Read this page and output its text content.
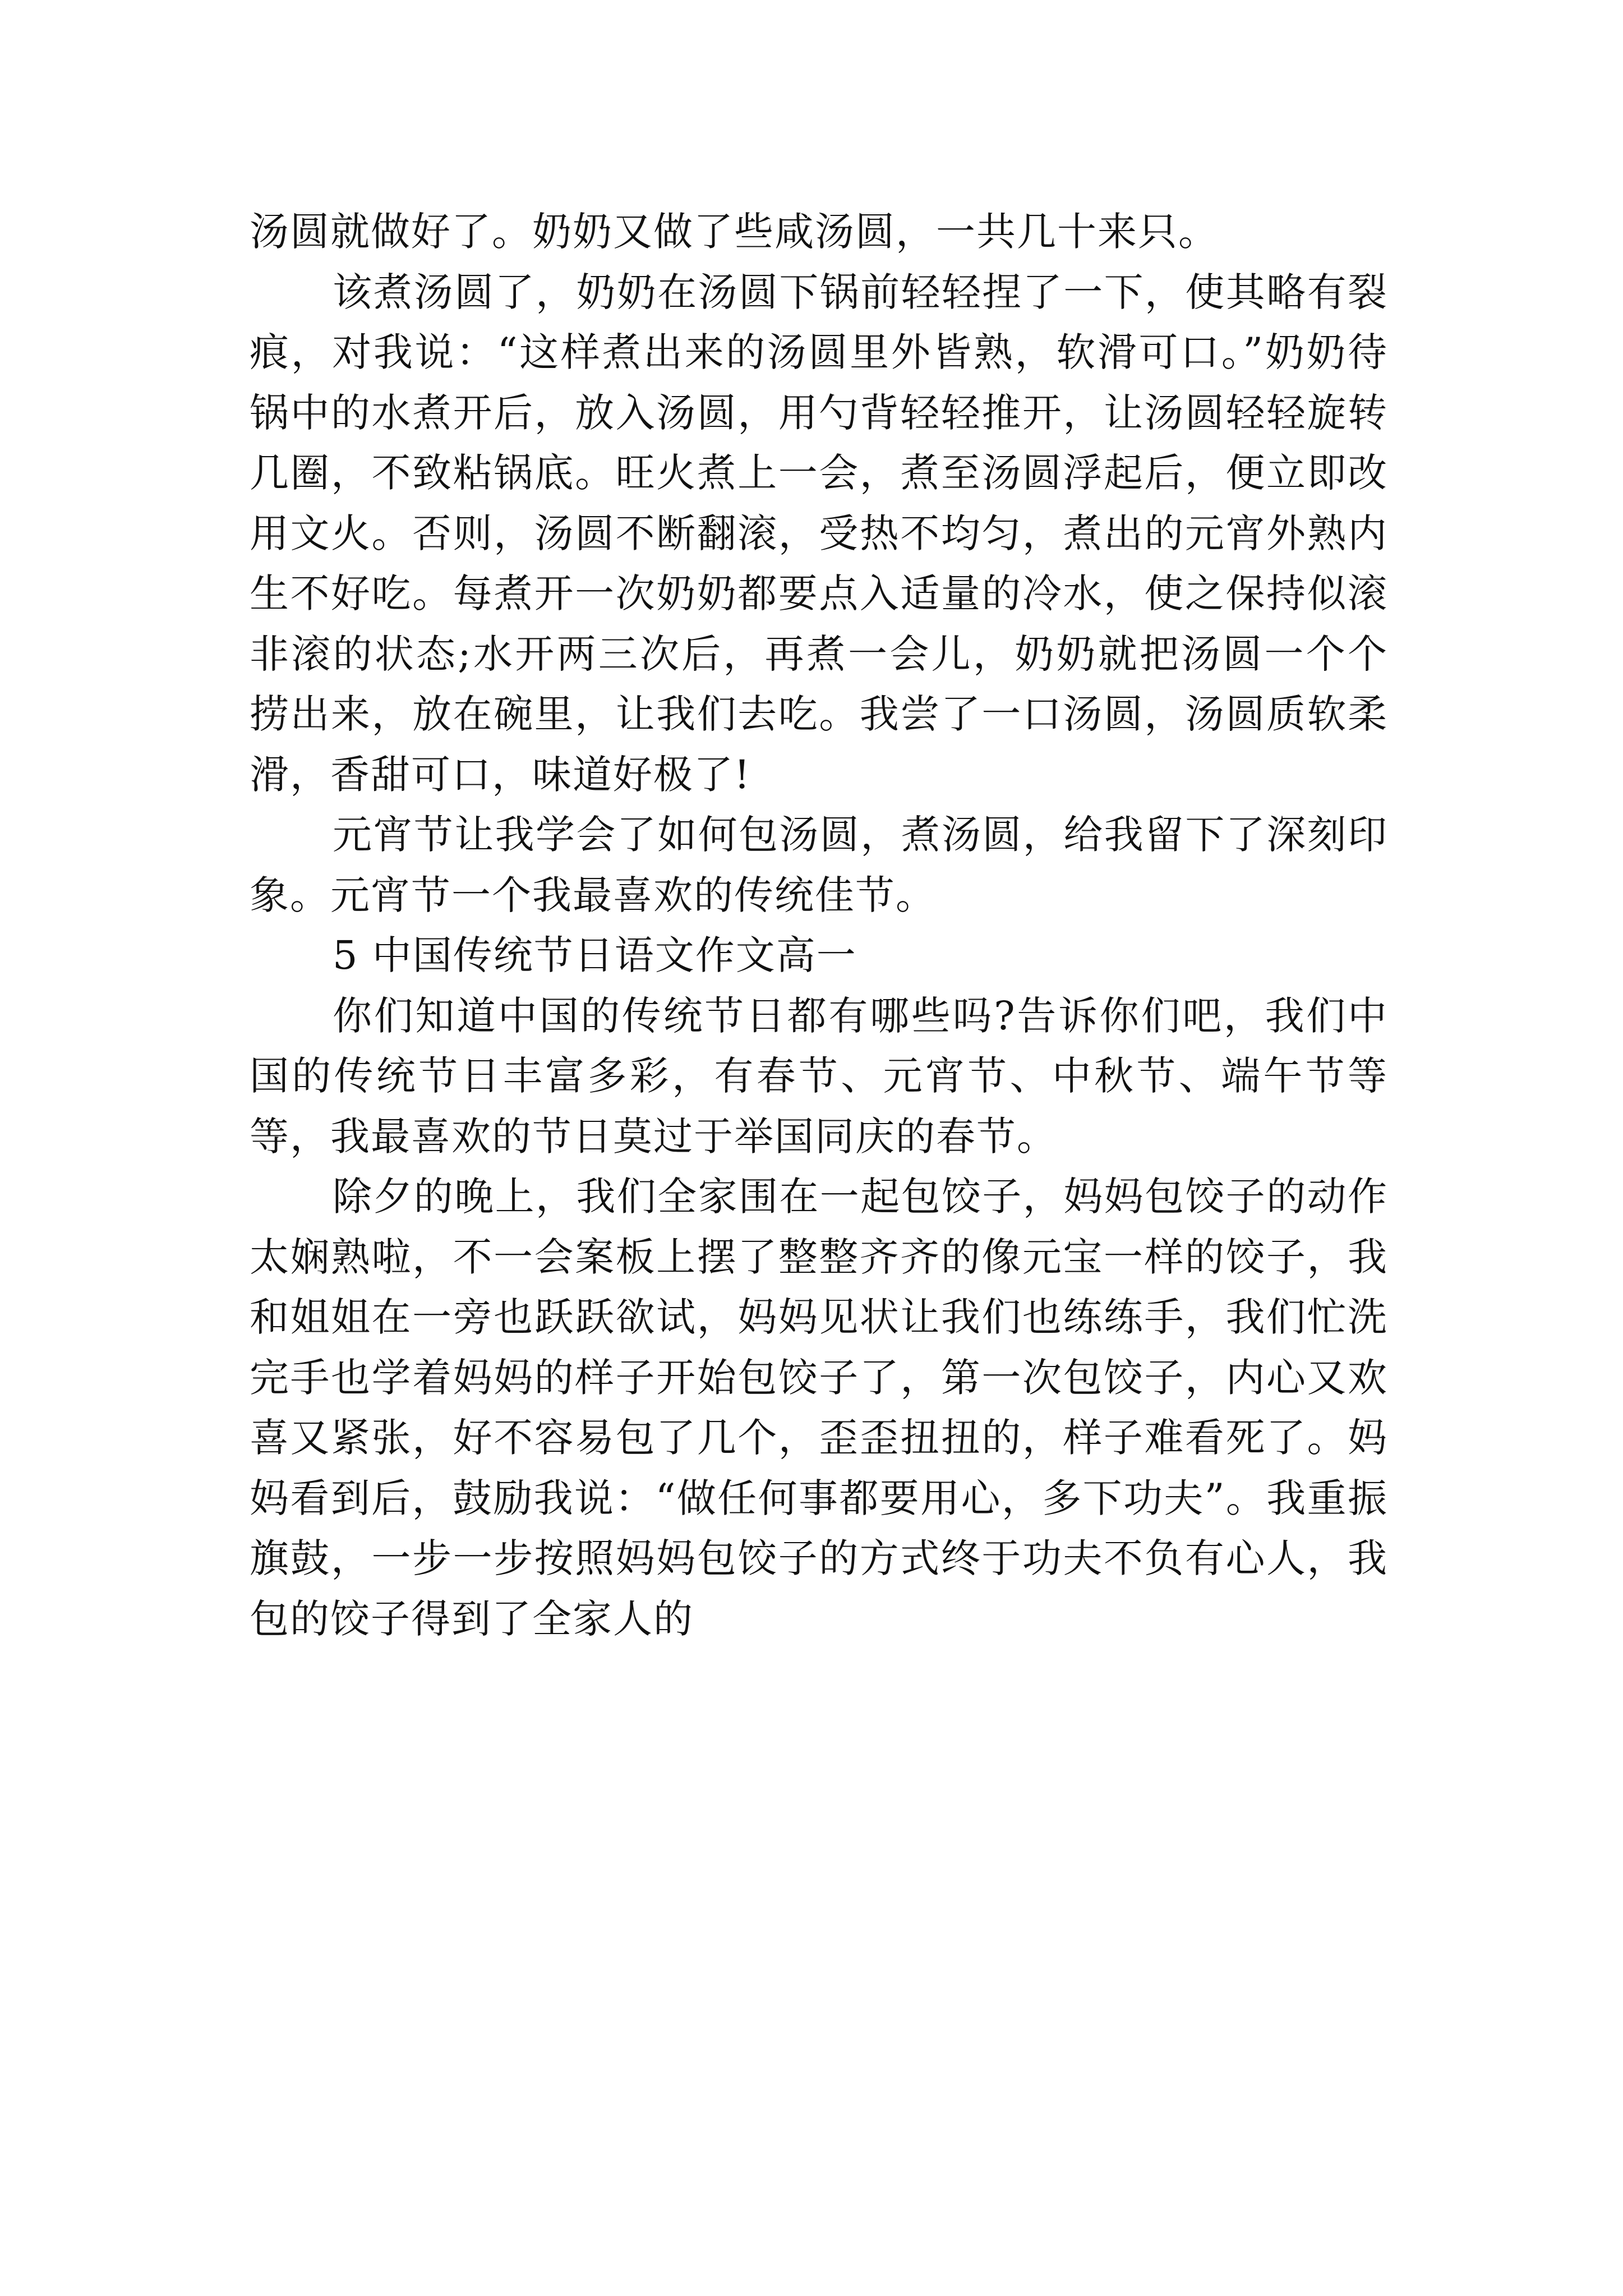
汤圆就做好了。奶奶又做了些咸汤圆，一共几十来只。

该煮汤圆了，奶奶在汤圆下锅前轻轻捏了一下，使其略有裂痕，对我说：“这样煮出来的汤圆里外皆熟，软滑可口。”奶奶待锅中的水煮开后，放入汤圆，用勺背轻轻推开，让汤圆轻轻旋转几圈，不致粘锅底。旺火煮上一会，煮至汤圆浮起后，便立即改用文火。否则，汤圆不断翻滚，受热不均匀，煮出的元宵外熟内生不好吃。每煮开一次奶奶都要点入适量的冷水，使之保持似滚非滚的状态;水开两三次后，再煮一会儿，奶奶就把汤圆一个个捞出来，放在碗里，让我们去吃。我尝了一口汤圆，汤圆质软柔滑，香甜可口，味道好极了!

元宵节让我学会了如何包汤圆，煮汤圆，给我留下了深刻印象。元宵节一个我最喜欢的传统佳节。

5 中国传统节日语文作文高一

你们知道中国的传统节日都有哪些吗?告诉你们吧，我们中国的传统节日丰富多彩，有春节、元宵节、中秋节、端午节等等，我最喜欢的节日莫过于举国同庆的春节。

除夕的晚上，我们全家围在一起包饺子，妈妈包饺子的动作太娴熟啦，不一会案板上摆了整整齐齐的像元宝一样的饺子，我和姐姐在一旁也跃跃欲试，妈妈见状让我们也练练手，我们忙洗完手也学着妈妈的样子开始包饺子了，第一次包饺子，内心又欢喜又紧张，好不容易包了几个，歪歪扭扭的，样子难看死了。妈妈看到后，鼓励我说：“做任何事都要用心，多下功夫”。我重振旗鼓，一步一步按照妈妈包饺子的方式终于功夫不负有心人，我包的饺子得到了全家人的
